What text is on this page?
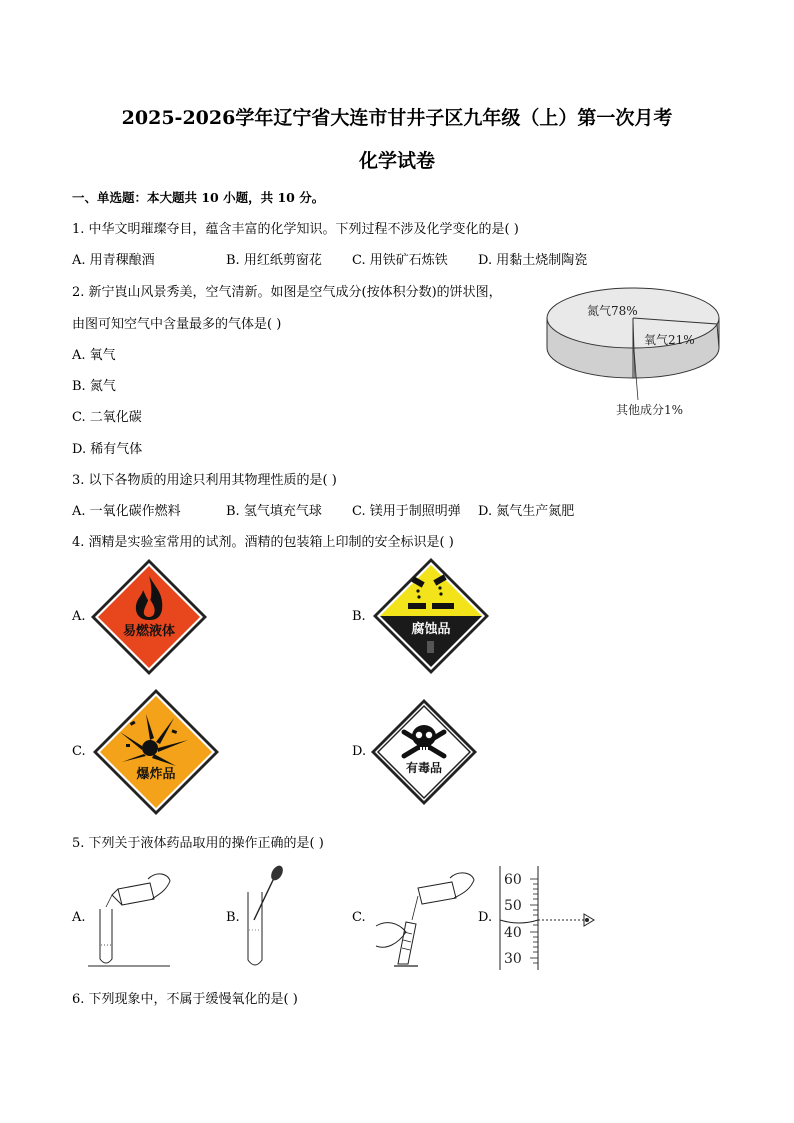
2025-2026学年辽宁省大连市甘井子区九年级（上）第一次月考
化学试卷
一、单选题：本大题共 10 小题，共 10 分。
1. 中华文明璀璨夺目，蕴含丰富的化学知识。下列过程不涉及化学变化的是( )
A. 用青稞酿酒	B. 用红纸剪窗花 C. 用铁矿石炼铁 D. 用黏土烧制陶瓷
2. 新宁崀山风景秀美，空气清新。如图是空气成分(按体积分数)的饼状图，
由图可知空气中含量最多的气体是( )
A. 氧气
B. 氮气
C. 二氧化碳
D. 稀有气体
氮气78%
氧气21%
其他成分1%
3. 以下各物质的用途只利用其物理性质的是( )
A. 一氧化碳作燃料	B. 氢气填充气球 C. 镁用于制照明弹 D. 氮气生产氮肥
4. 酒精是实验室常用的试剂。酒精的包装箱上印制的安全标识是( )
A.
易燃液体
B.
腐蚀品
C.
爆炸品
D.
有毒品
5. 下列关于液体药品取用的操作正确的是( )
A.	B.	C.	D.
60
50
40
30
6. 下列现象中，不属于缓慢氧化的是( )
